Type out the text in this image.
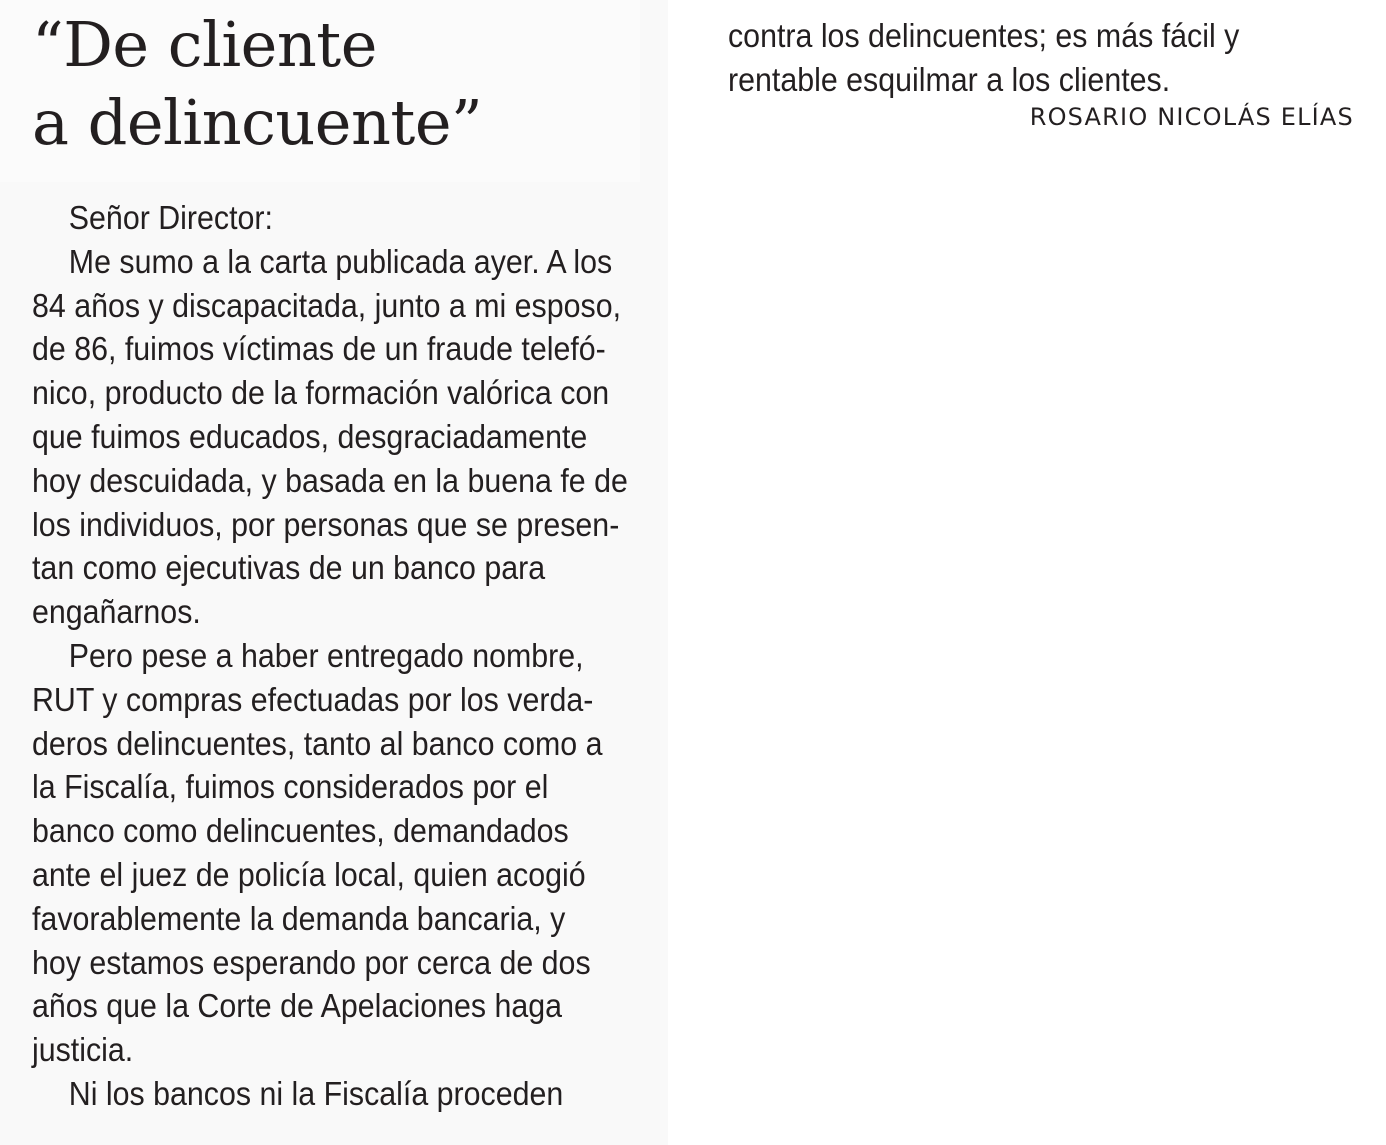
“De cliente
a delincuente”
Señor Director:
Me sumo a la carta publicada ayer. A los
84 años y discapacitada, junto a mi esposo,
de 86, fuimos víctimas de un fraude telefó-
nico, producto de la formación valórica con
que fuimos educados, desgraciadamente
hoy descuidada, y basada en la buena fe de
los individuos, por personas que se presen-
tan como ejecutivas de un banco para
engañarnos.
Pero pese a haber entregado nombre,
RUT y compras efectuadas por los verda-
deros delincuentes, tanto al banco como a
la Fiscalía, fuimos considerados por el
banco como delincuentes, demandados
ante el juez de policía local, quien acogió
favorablemente la demanda bancaria, y
hoy estamos esperando por cerca de dos
años que la Corte de Apelaciones haga
justicia.
Ni los bancos ni la Fiscalía proceden
contra los delincuentes; es más fácil y
rentable esquilmar a los clientes.
ROSARIO NICOLÁS ELÍAS
